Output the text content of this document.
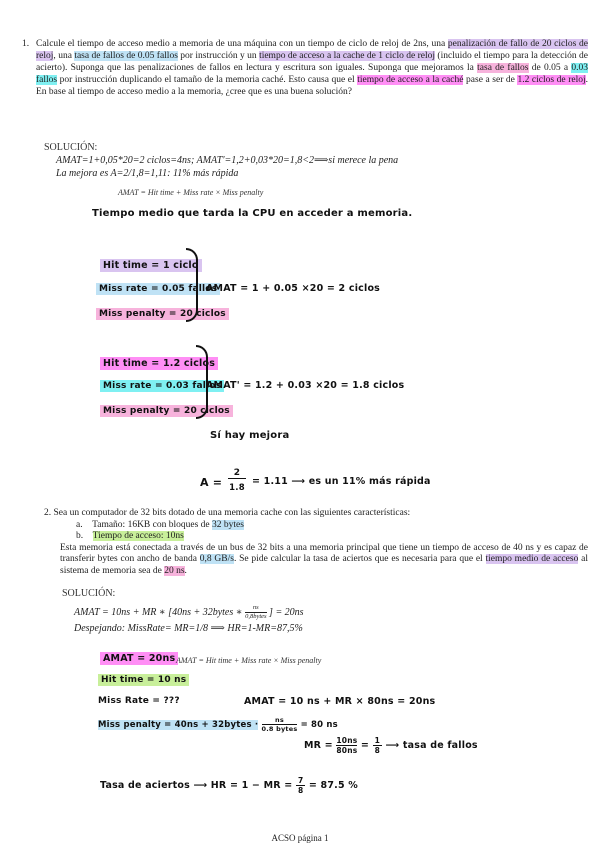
1. Calcule el tiempo de acceso medio a memoria de una máquina con un tiempo de ciclo de reloj de 2ns, una penalización de fallo de 20 ciclos de reloj, una tasa de fallos de 0.05 fallos por instrucción y un tiempo de acceso a la cache de 1 ciclo de reloj (incluido el tiempo para la detección de acierto). Suponga que las penalizaciones de fallos en lectura y escritura son iguales. Suponga que mejoramos la tasa de fallos de 0.05 a 0.03 fallos por instrucción duplicando el tamaño de la memoria caché. Esto causa que el tiempo de acceso a la caché pase a ser de 1.2 ciclos de reloj. En base al tiempo de acceso medio a la memoria, ¿cree que es una buena solución?
SOLUCIÓN:
AMAT=1+0,05*20=2 ciclos=4ns; AMAT'=1,2+0,03*20=1,8<2⟹si merece la pena
La mejora es A=2/1,8=1,11: 11% más rápida
AMAT = Hit time + Miss rate × Miss penalty
Tiempo medio que tarda la CPU en acceder a memoria.
Hit time = 1 ciclo
Miss rate = 0.05 fallos
Miss penalty = 20 ciclos
AMAT = 1 + 0.05 ×20 = 2 ciclos
Hit time = 1.2 ciclos
Miss rate = 0.03 fallos
Miss penalty = 20 ciclos
AMAT' = 1.2 + 0.03 ×20 = 1.8 ciclos
Sí hay mejora
A =
2
1.8
= 1.11 ⟶ es un 11% más rápida
2. Sea un computador de 32 bits dotado de una memoria cache con las siguientes características:
a. Tamaño: 16KB con bloques de 32 bytes
b. Tiempo de acceso: 10ns
Esta memoria está conectada a través de un bus de 32 bits a una memoria principal que tiene un tiempo de acceso de 40 ns y es capaz de transferir bytes con ancho de banda 0,8 GB/s. Se pide calcular la tasa de aciertos que es necesaria para que el tiempo medio de acceso al sistema de memoria sea de 20 ns.
SOLUCIÓN:
AMAT = 10ns + MR ∗ [40ns + 32bytes ∗	ns
0,8bytes ] = 20ns
Despejando: MissRate= MR=1/8 ⟹ HR=1-MR=87,5%
AMAT = 20ns AMAT = Hit time + Miss rate × Miss penalty
Hit time = 10 ns
Miss Rate = ???	AMAT = 10 ns + MR × 80ns = 20ns
Miss penalty = 40ns + 32bytes ·	ns
0.8 bytes = 80 ns
MR = $\frac{10ns}{80ns} = \frac{1}{8}$ ⟶ tasa de fallos
Tasa de aciertos ⟶ HR = 1 − MR = $\frac{7}{8} = 87.5$ %
ACSO página 1
